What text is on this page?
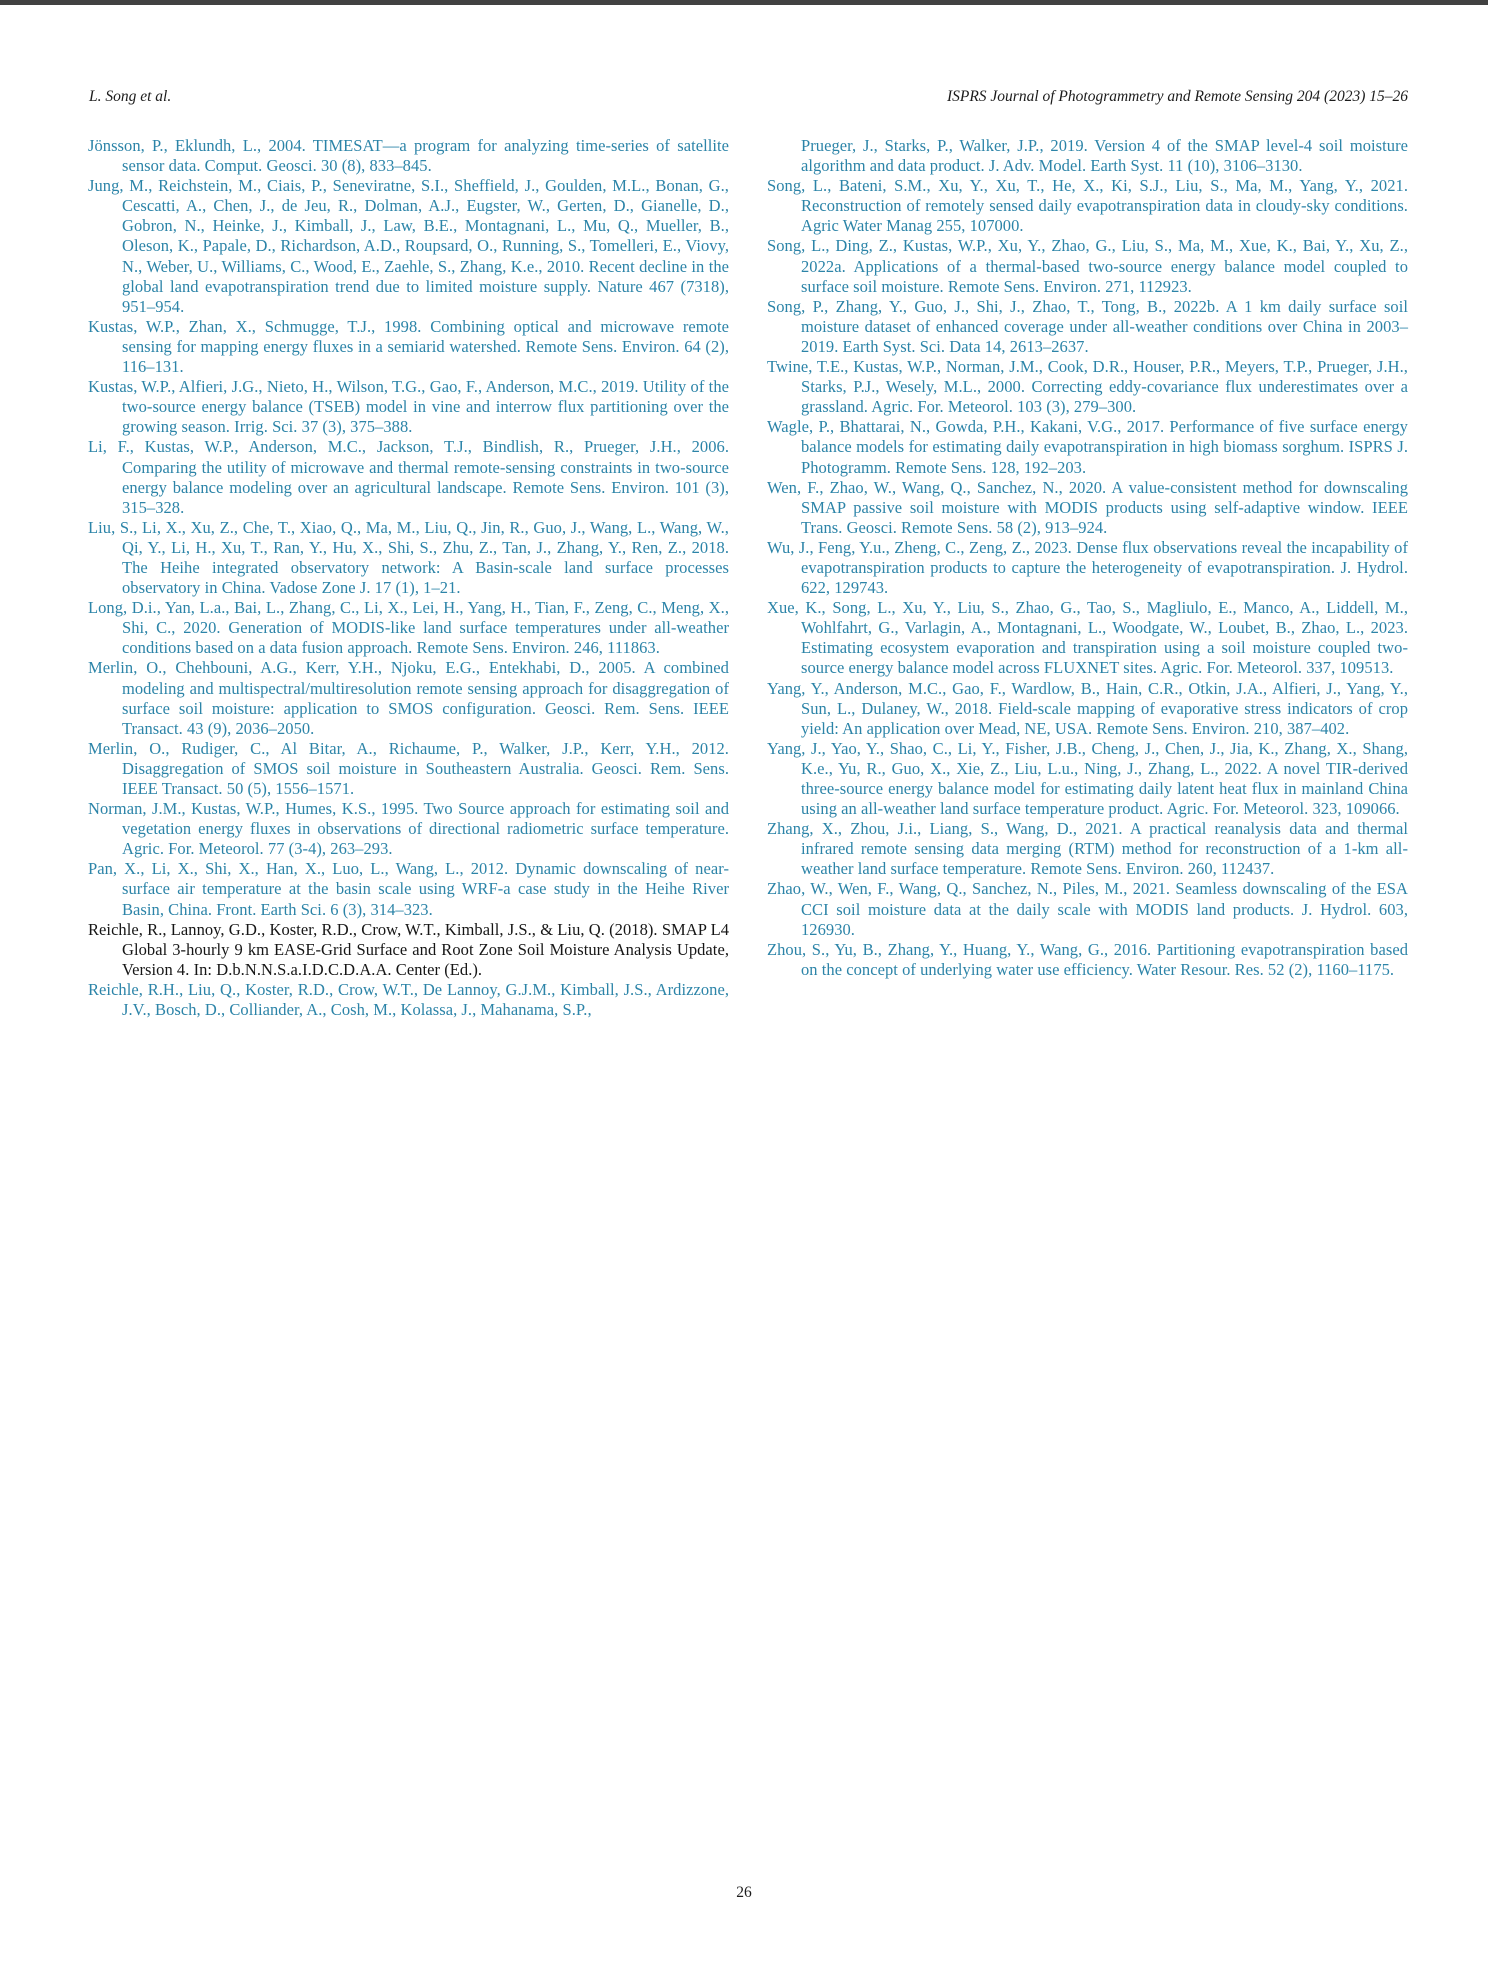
L. Song et al.	ISPRS Journal of Photogrammetry and Remote Sensing 204 (2023) 15–26

Jönsson, P., Eklundh, L., 2004. TIMESAT—a program for analyzing time-series of satellite sensor data. Comput. Geosci. 30 (8), 833–845.

Jung, M., Reichstein, M., Ciais, P., Seneviratne, S.I., Sheffield, J., Goulden, M.L., Bonan, G., Cescatti, A., Chen, J., de Jeu, R., Dolman, A.J., Eugster, W., Gerten, D., Gianelle, D., Gobron, N., Heinke, J., Kimball, J., Law, B.E., Montagnani, L., Mu, Q., Mueller, B., Oleson, K., Papale, D., Richardson, A.D., Roupsard, O., Running, S., Tomelleri, E., Viovy, N., Weber, U., Williams, C., Wood, E., Zaehle, S., Zhang, K.e., 2010. Recent decline in the global land evapotranspiration trend due to limited moisture supply. Nature 467 (7318), 951–954.

Kustas, W.P., Zhan, X., Schmugge, T.J., 1998. Combining optical and microwave remote sensing for mapping energy fluxes in a semiarid watershed. Remote Sens. Environ. 64 (2), 116–131.

Kustas, W.P., Alfieri, J.G., Nieto, H., Wilson, T.G., Gao, F., Anderson, M.C., 2019. Utility of the two-source energy balance (TSEB) model in vine and interrow flux partitioning over the growing season. Irrig. Sci. 37 (3), 375–388.

Li, F., Kustas, W.P., Anderson, M.C., Jackson, T.J., Bindlish, R., Prueger, J.H., 2006. Comparing the utility of microwave and thermal remote-sensing constraints in two-source energy balance modeling over an agricultural landscape. Remote Sens. Environ. 101 (3), 315–328.

Liu, S., Li, X., Xu, Z., Che, T., Xiao, Q., Ma, M., Liu, Q., Jin, R., Guo, J., Wang, L., Wang, W., Qi, Y., Li, H., Xu, T., Ran, Y., Hu, X., Shi, S., Zhu, Z., Tan, J., Zhang, Y., Ren, Z., 2018. The Heihe integrated observatory network: A Basin-scale land surface processes observatory in China. Vadose Zone J. 17 (1), 1–21.

Long, D.i., Yan, L.a., Bai, L., Zhang, C., Li, X., Lei, H., Yang, H., Tian, F., Zeng, C., Meng, X., Shi, C., 2020. Generation of MODIS-like land surface temperatures under all-weather conditions based on a data fusion approach. Remote Sens. Environ. 246, 111863.

Merlin, O., Chehbouni, A.G., Kerr, Y.H., Njoku, E.G., Entekhabi, D., 2005. A combined modeling and multispectral/multiresolution remote sensing approach for disaggregation of surface soil moisture: application to SMOS configuration. Geosci. Rem. Sens. IEEE Transact. 43 (9), 2036–2050.

Merlin, O., Rudiger, C., Al Bitar, A., Richaume, P., Walker, J.P., Kerr, Y.H., 2012. Disaggregation of SMOS soil moisture in Southeastern Australia. Geosci. Rem. Sens. IEEE Transact. 50 (5), 1556–1571.

Norman, J.M., Kustas, W.P., Humes, K.S., 1995. Two Source approach for estimating soil and vegetation energy fluxes in observations of directional radiometric surface temperature. Agric. For. Meteorol. 77 (3-4), 263–293.

Pan, X., Li, X., Shi, X., Han, X., Luo, L., Wang, L., 2012. Dynamic downscaling of near-surface air temperature at the basin scale using WRF-a case study in the Heihe River Basin, China. Front. Earth Sci. 6 (3), 314–323.

Reichle, R., Lannoy, G.D., Koster, R.D., Crow, W.T., Kimball, J.S., & Liu, Q. (2018). SMAP L4 Global 3-hourly 9 km EASE-Grid Surface and Root Zone Soil Moisture Analysis Update, Version 4. In: D.b.N.N.S.a.I.D.C.D.A.A. Center (Ed.).

Reichle, R.H., Liu, Q., Koster, R.D., Crow, W.T., De Lannoy, G.J.M., Kimball, J.S., Ardizzone, J.V., Bosch, D., Colliander, A., Cosh, M., Kolassa, J., Mahanama, S.P.,

Prueger, J., Starks, P., Walker, J.P., 2019. Version 4 of the SMAP level-4 soil moisture algorithm and data product. J. Adv. Model. Earth Syst. 11 (10), 3106–3130.

Song, L., Bateni, S.M., Xu, Y., Xu, T., He, X., Ki, S.J., Liu, S., Ma, M., Yang, Y., 2021. Reconstruction of remotely sensed daily evapotranspiration data in cloudy-sky conditions. Agric Water Manag 255, 107000.

Song, L., Ding, Z., Kustas, W.P., Xu, Y., Zhao, G., Liu, S., Ma, M., Xue, K., Bai, Y., Xu, Z., 2022a. Applications of a thermal-based two-source energy balance model coupled to surface soil moisture. Remote Sens. Environ. 271, 112923.

Song, P., Zhang, Y., Guo, J., Shi, J., Zhao, T., Tong, B., 2022b. A 1 km daily surface soil moisture dataset of enhanced coverage under all-weather conditions over China in 2003–2019. Earth Syst. Sci. Data 14, 2613–2637.

Twine, T.E., Kustas, W.P., Norman, J.M., Cook, D.R., Houser, P.R., Meyers, T.P., Prueger, J.H., Starks, P.J., Wesely, M.L., 2000. Correcting eddy-covariance flux underestimates over a grassland. Agric. For. Meteorol. 103 (3), 279–300.

Wagle, P., Bhattarai, N., Gowda, P.H., Kakani, V.G., 2017. Performance of five surface energy balance models for estimating daily evapotranspiration in high biomass sorghum. ISPRS J. Photogramm. Remote Sens. 128, 192–203.

Wen, F., Zhao, W., Wang, Q., Sanchez, N., 2020. A value-consistent method for downscaling SMAP passive soil moisture with MODIS products using self-adaptive window. IEEE Trans. Geosci. Remote Sens. 58 (2), 913–924.

Wu, J., Feng, Y.u., Zheng, C., Zeng, Z., 2023. Dense flux observations reveal the incapability of evapotranspiration products to capture the heterogeneity of evapotranspiration. J. Hydrol. 622, 129743.

Xue, K., Song, L., Xu, Y., Liu, S., Zhao, G., Tao, S., Magliulo, E., Manco, A., Liddell, M., Wohlfahrt, G., Varlagin, A., Montagnani, L., Woodgate, W., Loubet, B., Zhao, L., 2023. Estimating ecosystem evaporation and transpiration using a soil moisture coupled two-source energy balance model across FLUXNET sites. Agric. For. Meteorol. 337, 109513.

Yang, Y., Anderson, M.C., Gao, F., Wardlow, B., Hain, C.R., Otkin, J.A., Alfieri, J., Yang, Y., Sun, L., Dulaney, W., 2018. Field-scale mapping of evaporative stress indicators of crop yield: An application over Mead, NE, USA. Remote Sens. Environ. 210, 387–402.

Yang, J., Yao, Y., Shao, C., Li, Y., Fisher, J.B., Cheng, J., Chen, J., Jia, K., Zhang, X., Shang, K.e., Yu, R., Guo, X., Xie, Z., Liu, L.u., Ning, J., Zhang, L., 2022. A novel TIR-derived three-source energy balance model for estimating daily latent heat flux in mainland China using an all-weather land surface temperature product. Agric. For. Meteorol. 323, 109066.

Zhang, X., Zhou, J.i., Liang, S., Wang, D., 2021. A practical reanalysis data and thermal infrared remote sensing data merging (RTM) method for reconstruction of a 1-km all-weather land surface temperature. Remote Sens. Environ. 260, 112437.

Zhao, W., Wen, F., Wang, Q., Sanchez, N., Piles, M., 2021. Seamless downscaling of the ESA CCI soil moisture data at the daily scale with MODIS land products. J. Hydrol. 603, 126930.

Zhou, S., Yu, B., Zhang, Y., Huang, Y., Wang, G., 2016. Partitioning evapotranspiration based on the concept of underlying water use efficiency. Water Resour. Res. 52 (2), 1160–1175.

26
